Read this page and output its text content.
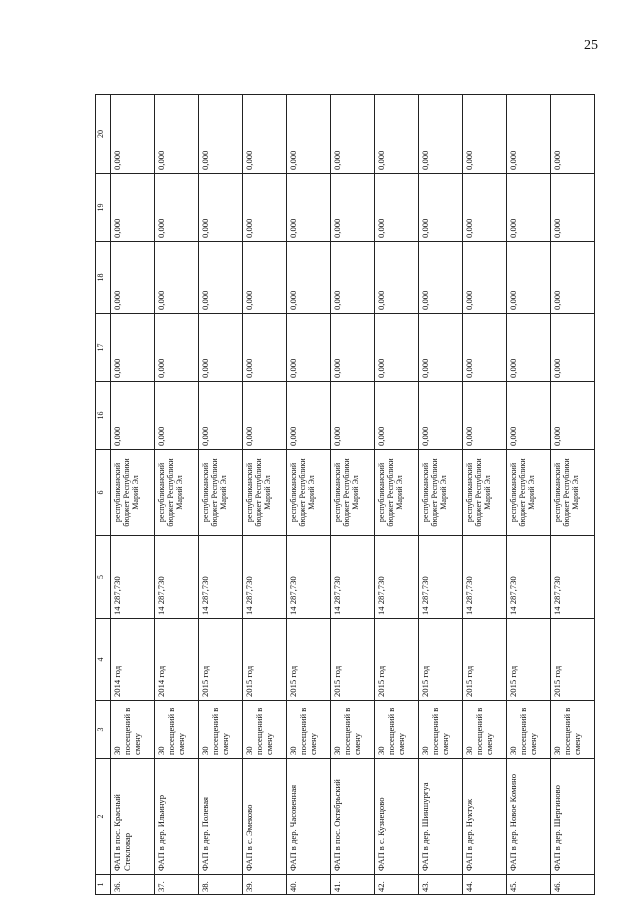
25
1	2	3	4	5	6	16	17	18	19	20
36.	ФАП в пос. Красный Стекловар	30 посещений в смену	2014 год	14 287,730	республиканский бюджет Республики Марий Эл	0,000	0,000	0,000	0,000	0,000
37.	ФАП в дер. Ильинур	30 посещений в смену	2014 год	14 287,730	республиканский бюджет Республики Марий Эл	0,000	0,000	0,000	0,000	0,000
38.	ФАП в дер. Полевая	30 посещений в смену	2015 год	14 287,730	республиканский бюджет Республики Марий Эл	0,000	0,000	0,000	0,000	0,000
39.	ФАП в с. Эмеково	30 посещений в смену	2015 год	14 287,730	республиканский бюджет Республики Марий Эл	0,000	0,000	0,000	0,000	0,000
40.	ФАП в дер. Часовенная	30 посещений в смену	2015 год	14 287,730	республиканский бюджет Республики Марий Эл	0,000	0,000	0,000	0,000	0,000
41.	ФАП в пос. Октябрьский	30 посещений в смену	2015 год	14 287,730	республиканский бюджет Республики Марий Эл	0,000	0,000	0,000	0,000	0,000
42.	ФАП в с. Кузнецово	30 посещений в смену	2015 год	14 287,730	республиканский бюджет Республики Марий Эл	0,000	0,000	0,000	0,000	0,000
43.	ФАП в дер. Шиншургуа	30 посещений в смену	2015 год	14 287,730	республиканский бюджет Республики Марий Эл	0,000	0,000	0,000	0,000	0,000
44.	ФАП в дер. Нуктуж	30 посещений в смену	2015 год	14 287,730	республиканский бюджет Республики Марий Эл	0,000	0,000	0,000	0,000	0,000
45.	ФАП в дер. Новое Комино	30 посещений в смену	2015 год	14 287,730	республиканский бюджет Республики Марий Эл	0,000	0,000	0,000	0,000	0,000
46.	ФАП в дер. Шергиново	30 посещений в смену	2015 год	14 287,730	республиканский бюджет Республики Марий Эл	0,000	0,000	0,000	0,000	0,000
